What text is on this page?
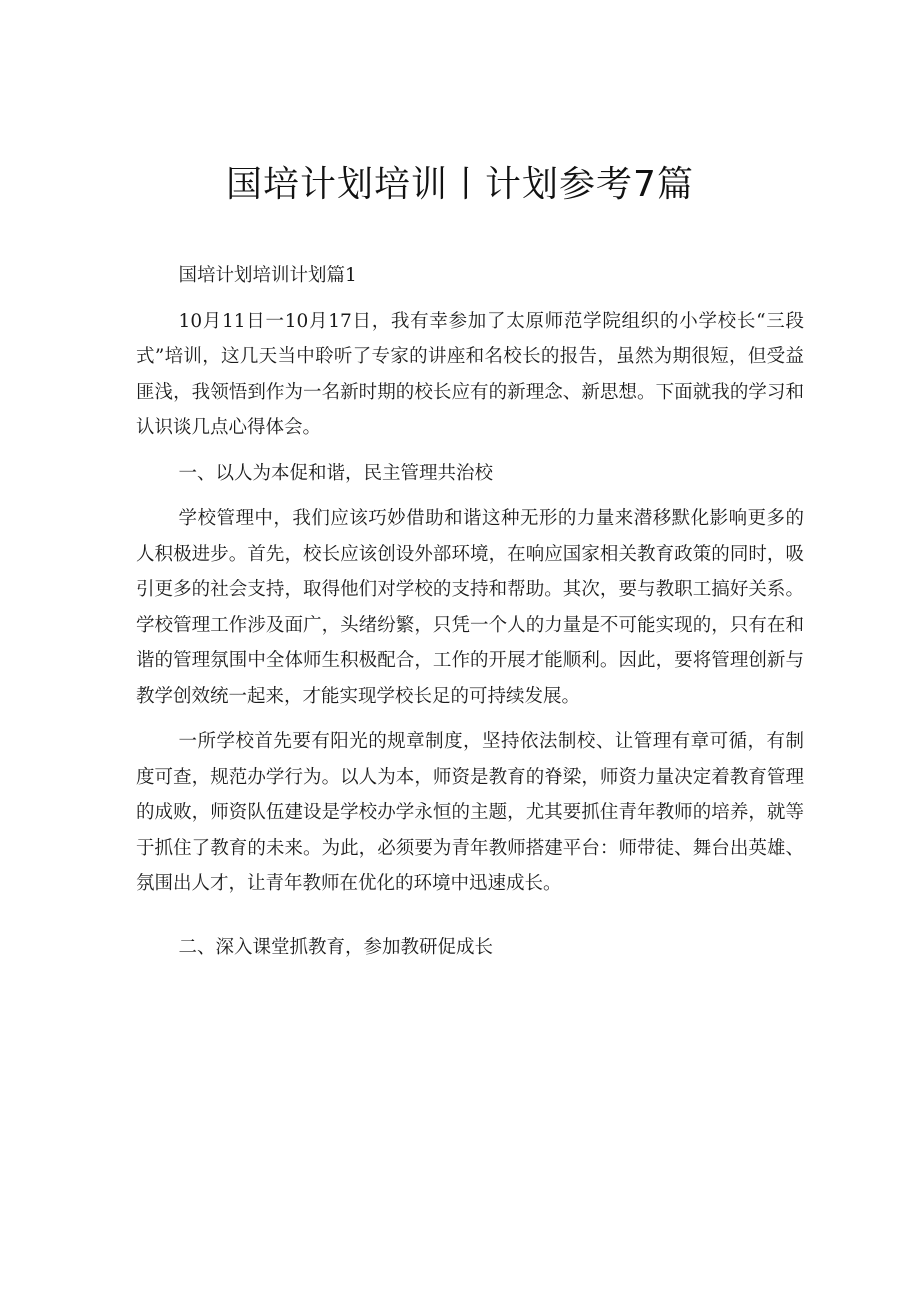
国培计划培训丨计划参考7篇

国培计划培训计划篇1

10月11日一10月17日，我有幸参加了太原师范学院组织的小学校长“三段式”培训，这几天当中聆听了专家的讲座和名校长的报告，虽然为期很短，但受益匪浅，我领悟到作为一名新时期的校长应有的新理念、新思想。下面就我的学习和认识谈几点心得体会。

一、以人为本促和谐，民主管理共治校

学校管理中，我们应该巧妙借助和谐这种无形的力量来潜移默化影响更多的人积极进步。首先，校长应该创设外部环境，在响应国家相关教育政策的同时，吸引更多的社会支持，取得他们对学校的支持和帮助。其次，要与教职工搞好关系。学校管理工作涉及面广，头绪纷繁，只凭一个人的力量是不可能实现的，只有在和谐的管理氛围中全体师生积极配合，工作的开展才能顺利。因此，要将管理创新与教学创效统一起来，才能实现学校长足的可持续发展。

一所学校首先要有阳光的规章制度，坚持依法制校、让管理有章可循，有制度可查，规范办学行为。以人为本，师资是教育的脊梁，师资力量决定着教育管理的成败，师资队伍建设是学校办学永恒的主题，尤其要抓住青年教师的培养，就等于抓住了教育的未来。为此，必须要为青年教师搭建平台：师带徒、舞台出英雄、氛围出人才，让青年教师在优化的环境中迅速成长。

二、深入课堂抓教育，参加教研促成长
